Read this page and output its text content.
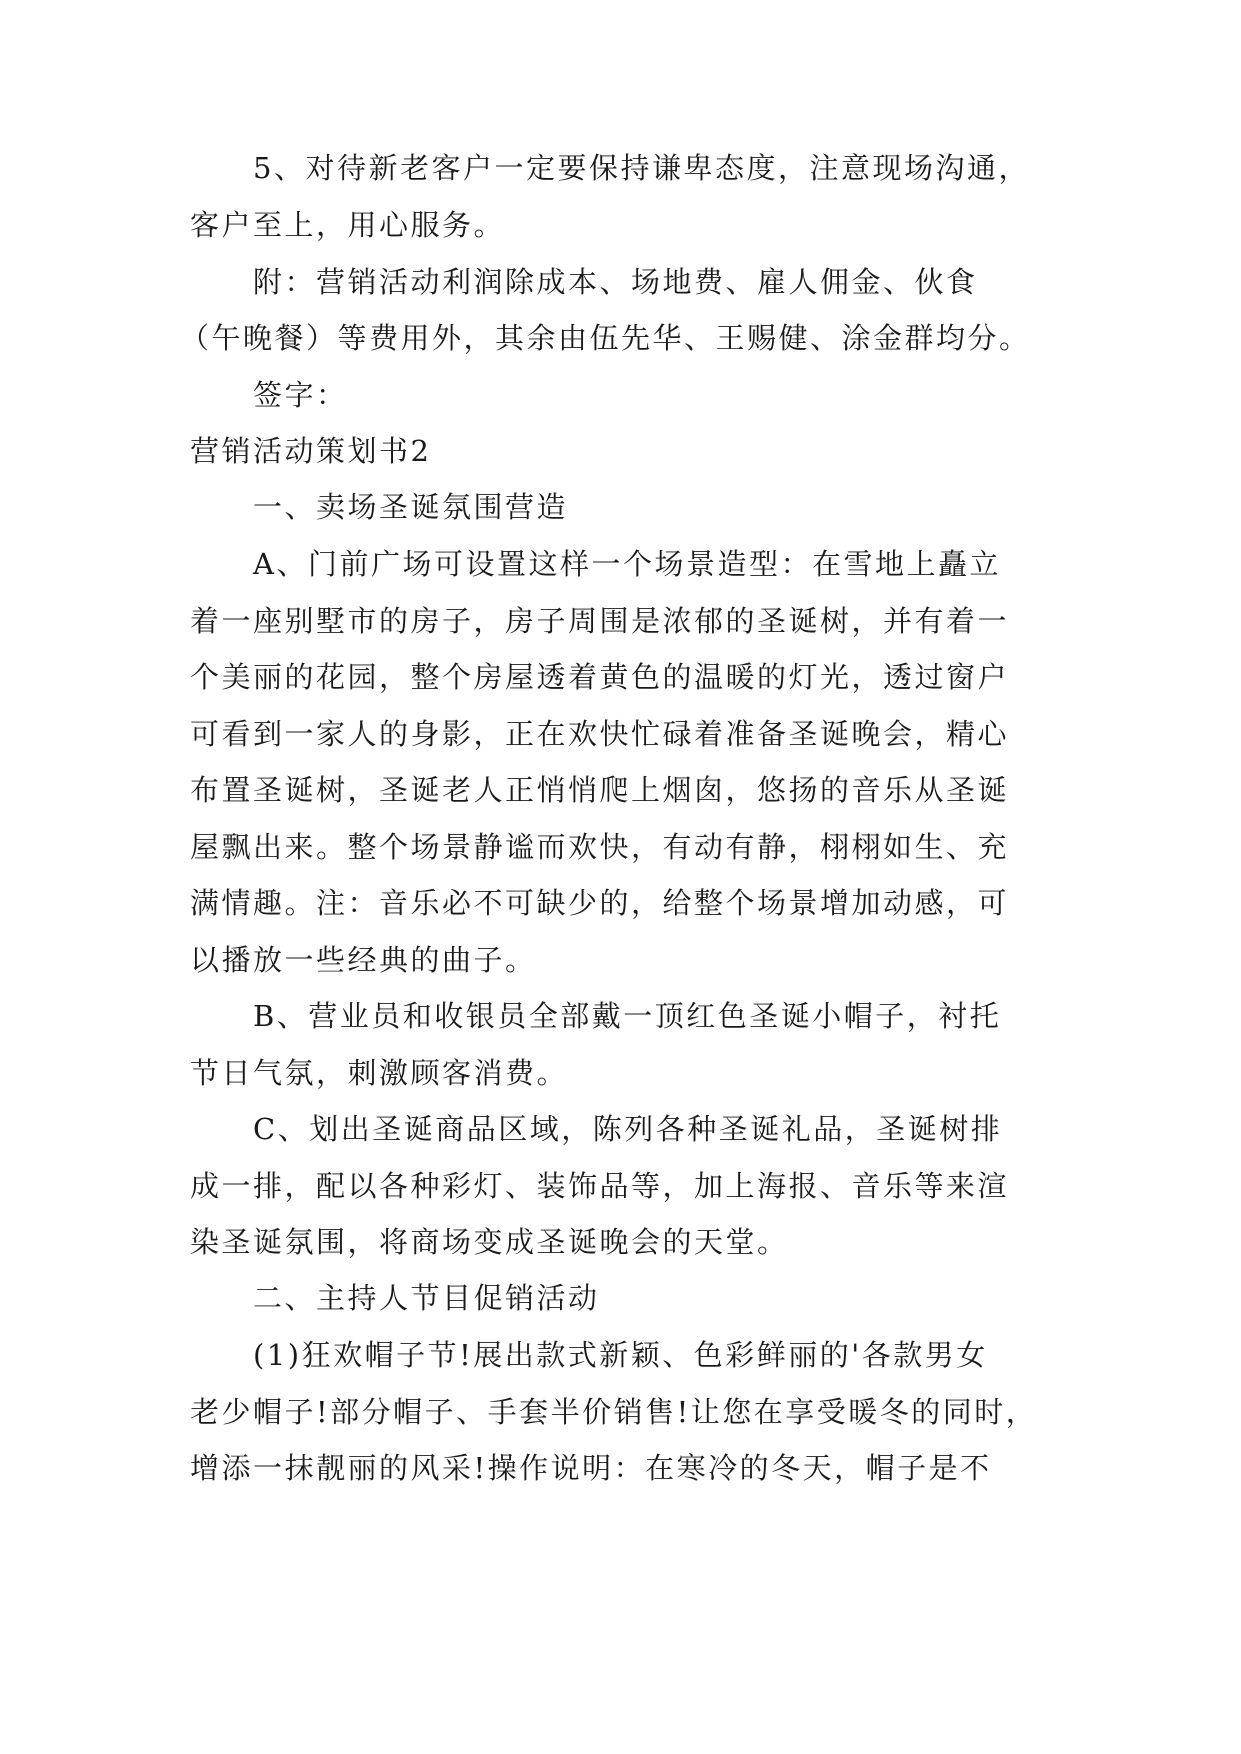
5、对待新老客户一定要保持谦卑态度，注意现场沟通，
客户至上，用心服务。
附：营销活动利润除成本、场地费、雇人佣金、伙食
（午晚餐）等费用外，其余由伍先华、王赐健、涂金群均分。
签字：
营销活动策划书2
一、卖场圣诞氛围营造
A、门前广场可设置这样一个场景造型：在雪地上矗立
着一座别墅市的房子，房子周围是浓郁的圣诞树，并有着一
个美丽的花园，整个房屋透着黄色的温暖的灯光，透过窗户
可看到一家人的身影，正在欢快忙碌着准备圣诞晚会，精心
布置圣诞树，圣诞老人正悄悄爬上烟囱，悠扬的音乐从圣诞
屋飘出来。整个场景静谧而欢快，有动有静，栩栩如生、充
满情趣。注：音乐必不可缺少的，给整个场景增加动感，可
以播放一些经典的曲子。
B、营业员和收银员全部戴一顶红色圣诞小帽子，衬托
节日气氛，刺激顾客消费。
C、划出圣诞商品区域，陈列各种圣诞礼品，圣诞树排
成一排，配以各种彩灯、装饰品等，加上海报、音乐等来渲
染圣诞氛围，将商场变成圣诞晚会的天堂。
二、主持人节目促销活动
(1)狂欢帽子节!展出款式新颖、色彩鲜丽的'各款男女
老少帽子!部分帽子、手套半价销售!让您在享受暖冬的同时，
增添一抹靓丽的风采!操作说明：在寒冷的冬天，帽子是不
